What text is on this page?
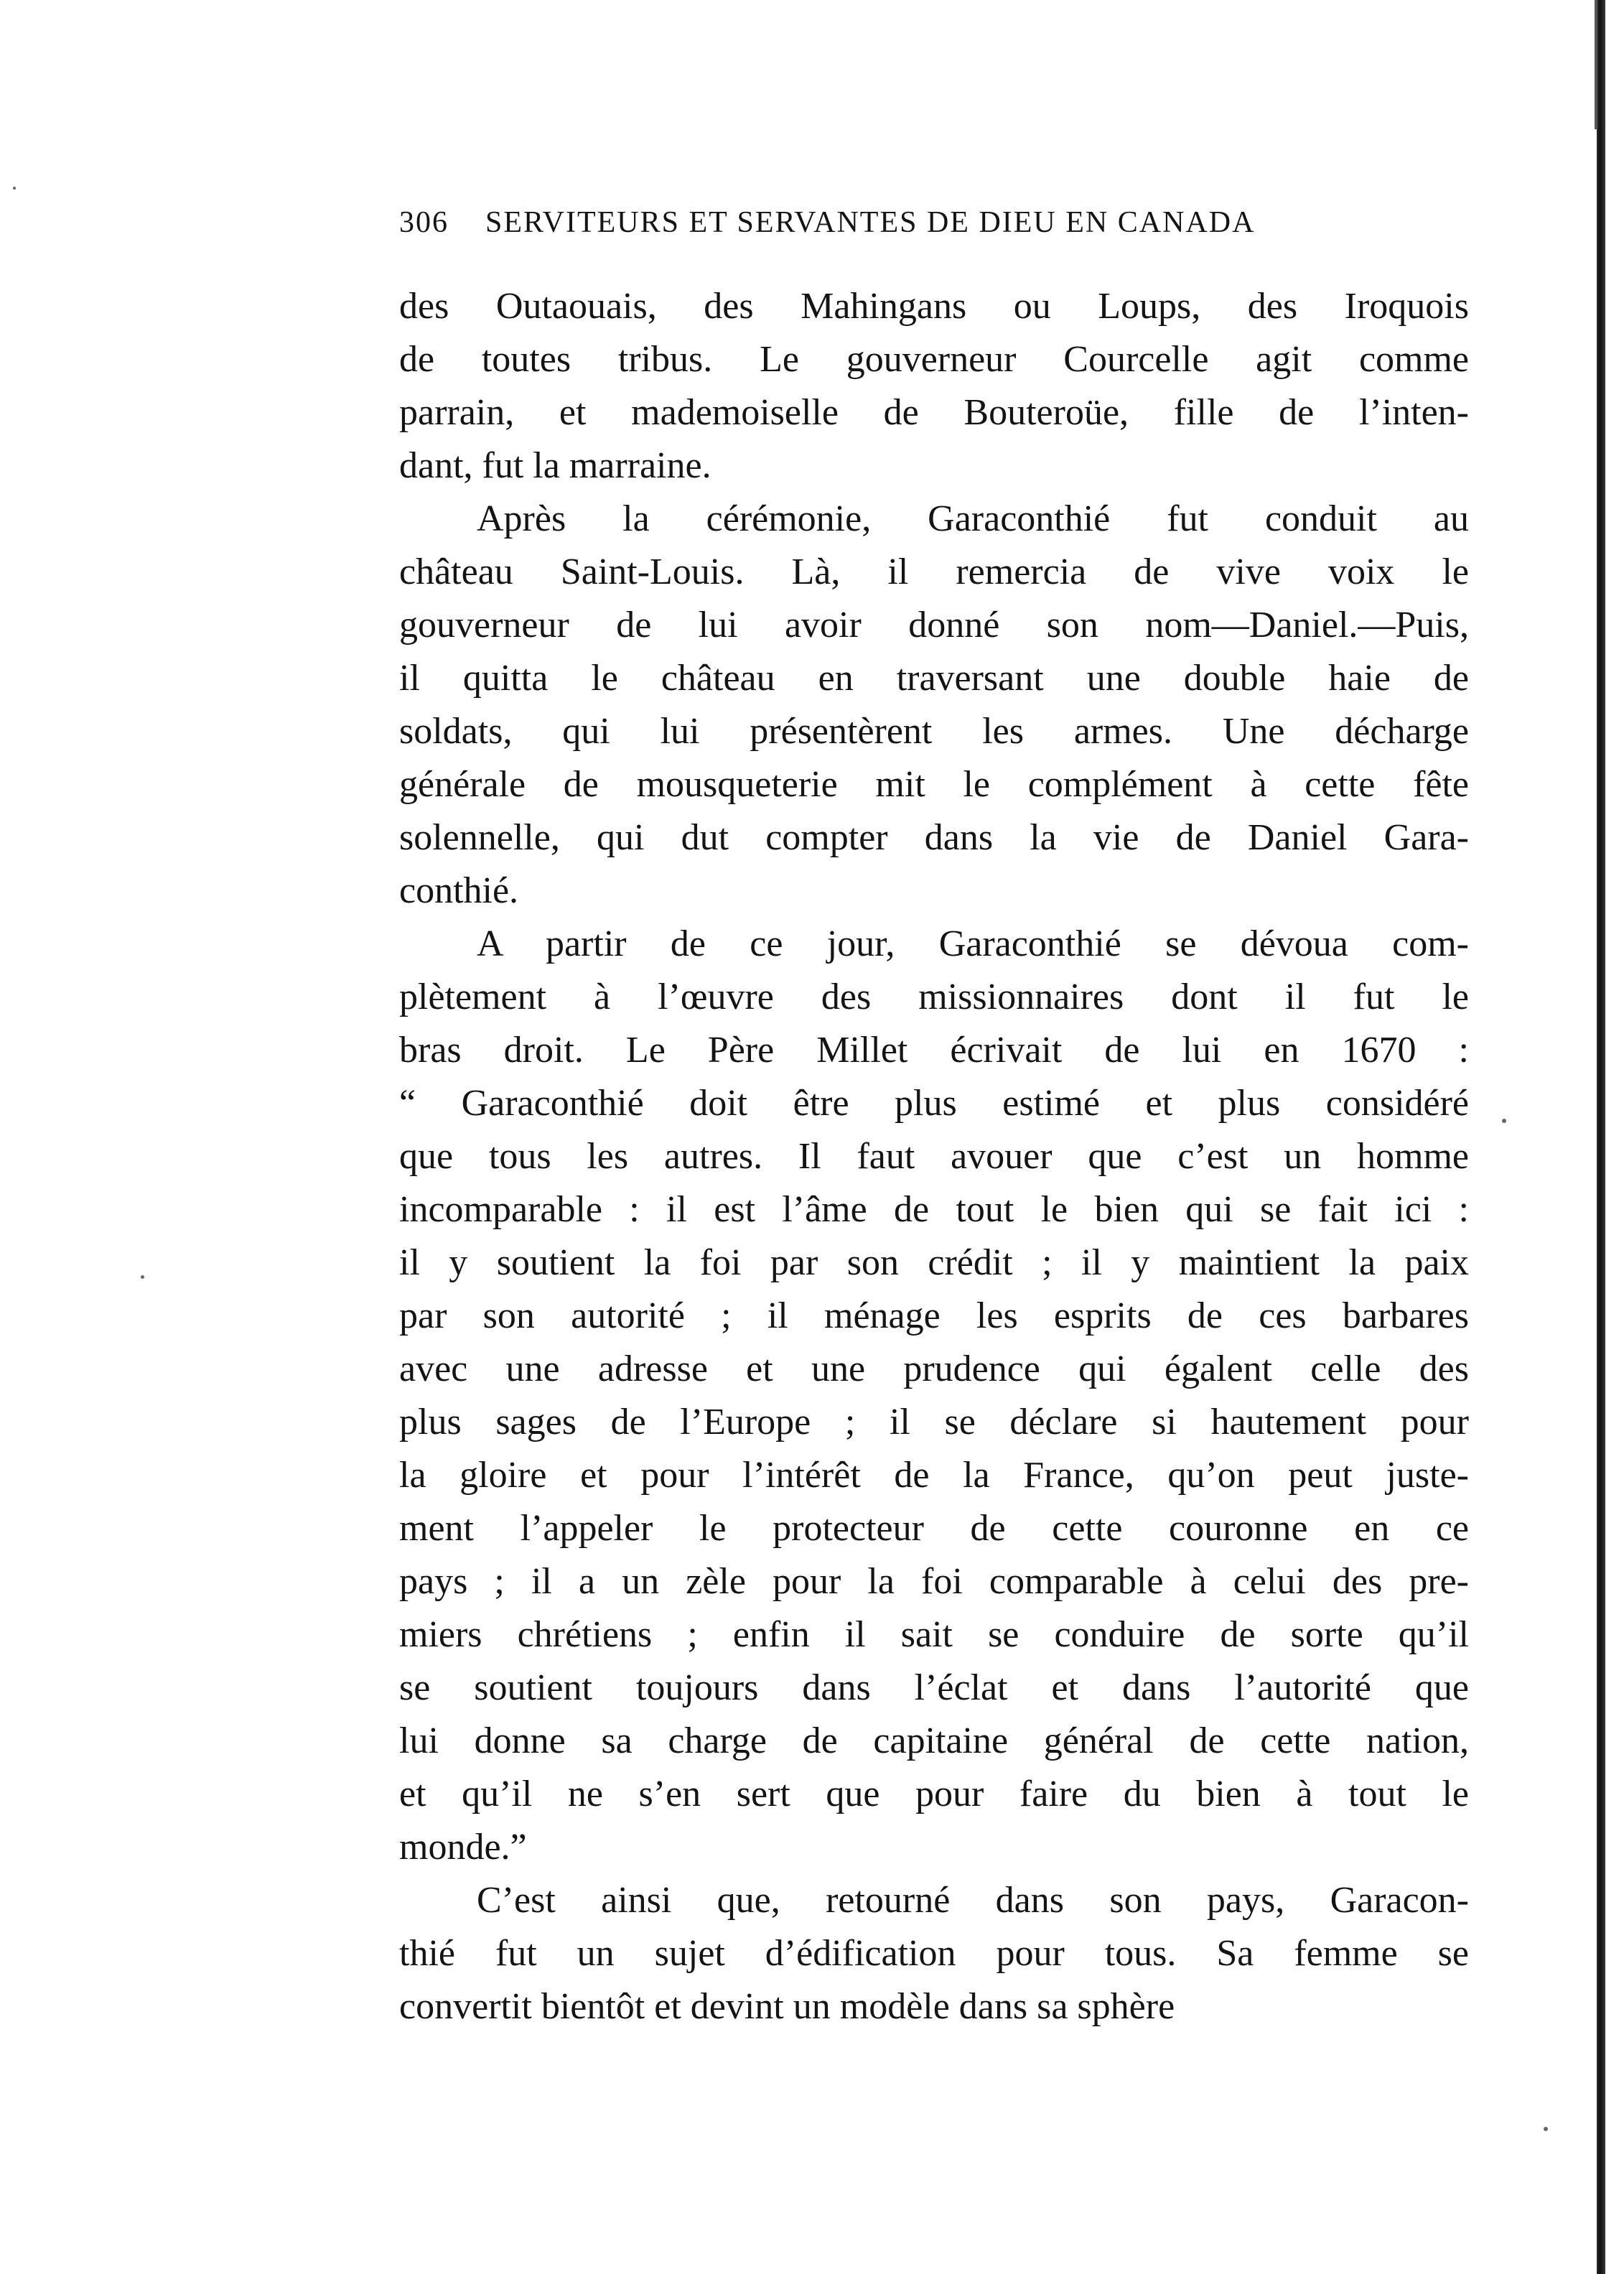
306 SERVITEURS ET SERVANTES DE DIEU EN CANADA
des Outaouais, des Mahingans ou Loups, des Iroquois
de toutes tribus. Le gouverneur Courcelle agit comme
parrain, et mademoiselle de Bouteroüe, fille de l’inten-
dant, fut la marraine.
Après la cérémonie, Garaconthié fut conduit au
château Saint-Louis. Là, il remercia de vive voix le
gouverneur de lui avoir donné son nom—Daniel.—Puis,
il quitta le château en traversant une double haie de
soldats, qui lui présentèrent les armes. Une décharge
générale de mousqueterie mit le complément à cette fête
solennelle, qui dut compter dans la vie de Daniel Gara-
conthié.
A partir de ce jour, Garaconthié se dévoua com-
plètement à l’œuvre des missionnaires dont il fut le
bras droit. Le Père Millet écrivait de lui en 1670 :
“ Garaconthié doit être plus estimé et plus considéré
que tous les autres. Il faut avouer que c’est un homme
incomparable : il est l’âme de tout le bien qui se fait ici :
il y soutient la foi par son crédit ; il y maintient la paix
par son autorité ; il ménage les esprits de ces barbares
avec une adresse et une prudence qui égalent celle des
plus sages de l’Europe ; il se déclare si hautement pour
la gloire et pour l’intérêt de la France, qu’on peut juste-
ment l’appeler le protecteur de cette couronne en ce
pays ; il a un zèle pour la foi comparable à celui des pre-
miers chrétiens ; enfin il sait se conduire de sorte qu’il
se soutient toujours dans l’éclat et dans l’autorité que
lui donne sa charge de capitaine général de cette nation,
et qu’il ne s’en sert que pour faire du bien à tout le
monde.”
C’est ainsi que, retourné dans son pays, Garacon-
thié fut un sujet d’édification pour tous. Sa femme se
convertit bientôt et devint un modèle dans sa sphère
